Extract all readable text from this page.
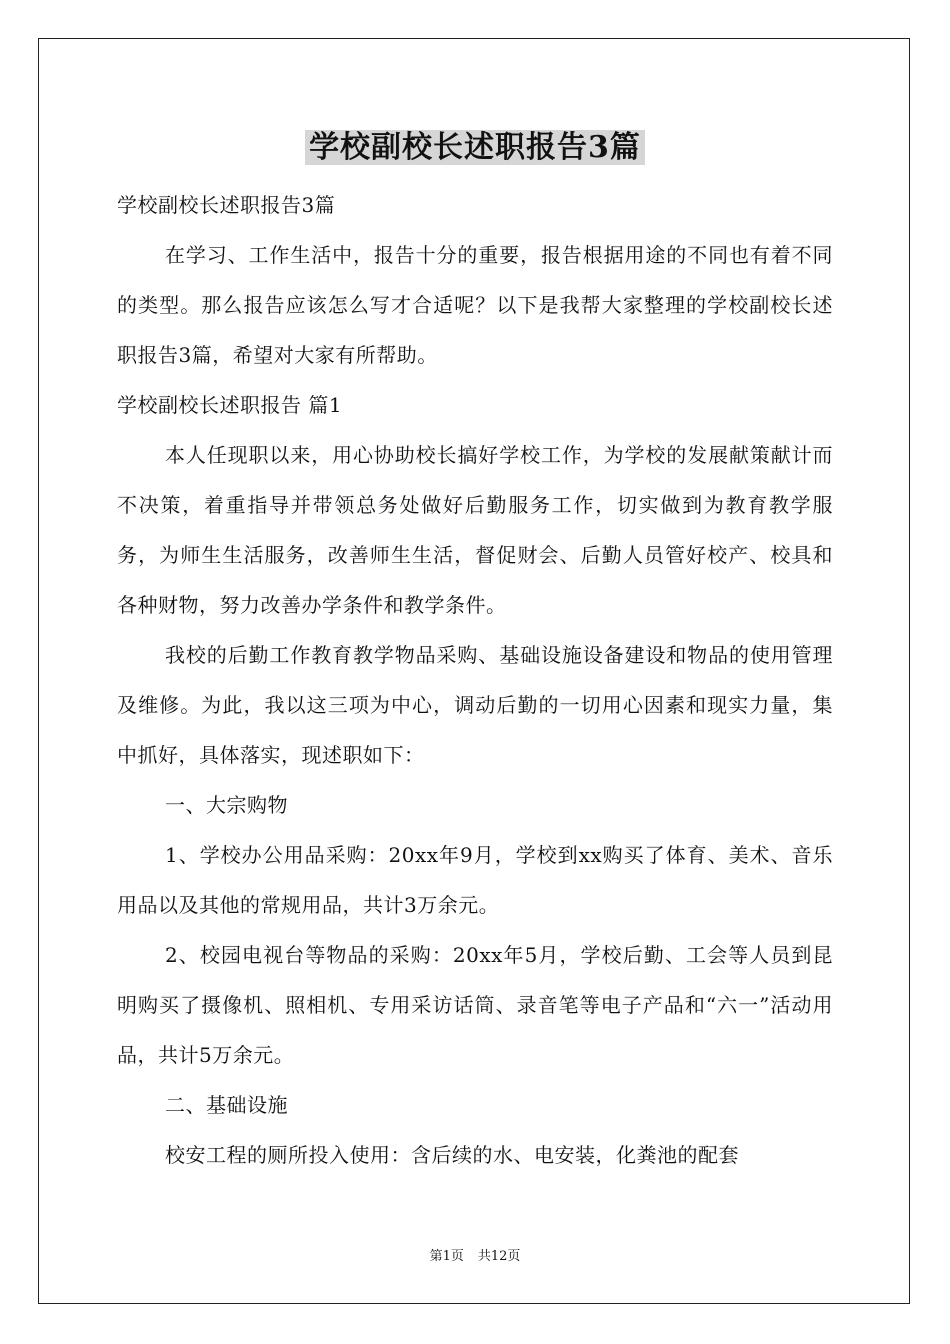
学校副校长述职报告3篇

学校副校长述职报告3篇

在学习、工作生活中，报告十分的重要，报告根据用途的不同也有着不同的类型。那么报告应该怎么写才合适呢？以下是我帮大家整理的学校副校长述职报告3篇，希望对大家有所帮助。

学校副校长述职报告 篇1

本人任现职以来，用心协助校长搞好学校工作，为学校的发展献策献计而不决策，着重指导并带领总务处做好后勤服务工作，切实做到为教育教学服务，为师生生活服务，改善师生生活，督促财会、后勤人员管好校产、校具和各种财物，努力改善办学条件和教学条件。

我校的后勤工作教育教学物品采购、基础设施设备建设和物品的使用管理及维修。为此，我以这三项为中心，调动后勤的一切用心因素和现实力量，集中抓好，具体落实，现述职如下：

一、大宗购物

1、学校办公用品采购：20xx年9月，学校到xx购买了体育、美术、音乐用品以及其他的常规用品，共计3万余元。

2、校园电视台等物品的采购：20xx年5月，学校后勤、工会等人员到昆明购买了摄像机、照相机、专用采访话筒、录音笔等电子产品和“六一”活动用品，共计5万余元。

二、基础设施

校安工程的厕所投入使用：含后续的水、电安装，化粪池的配套

第1页 共12页
